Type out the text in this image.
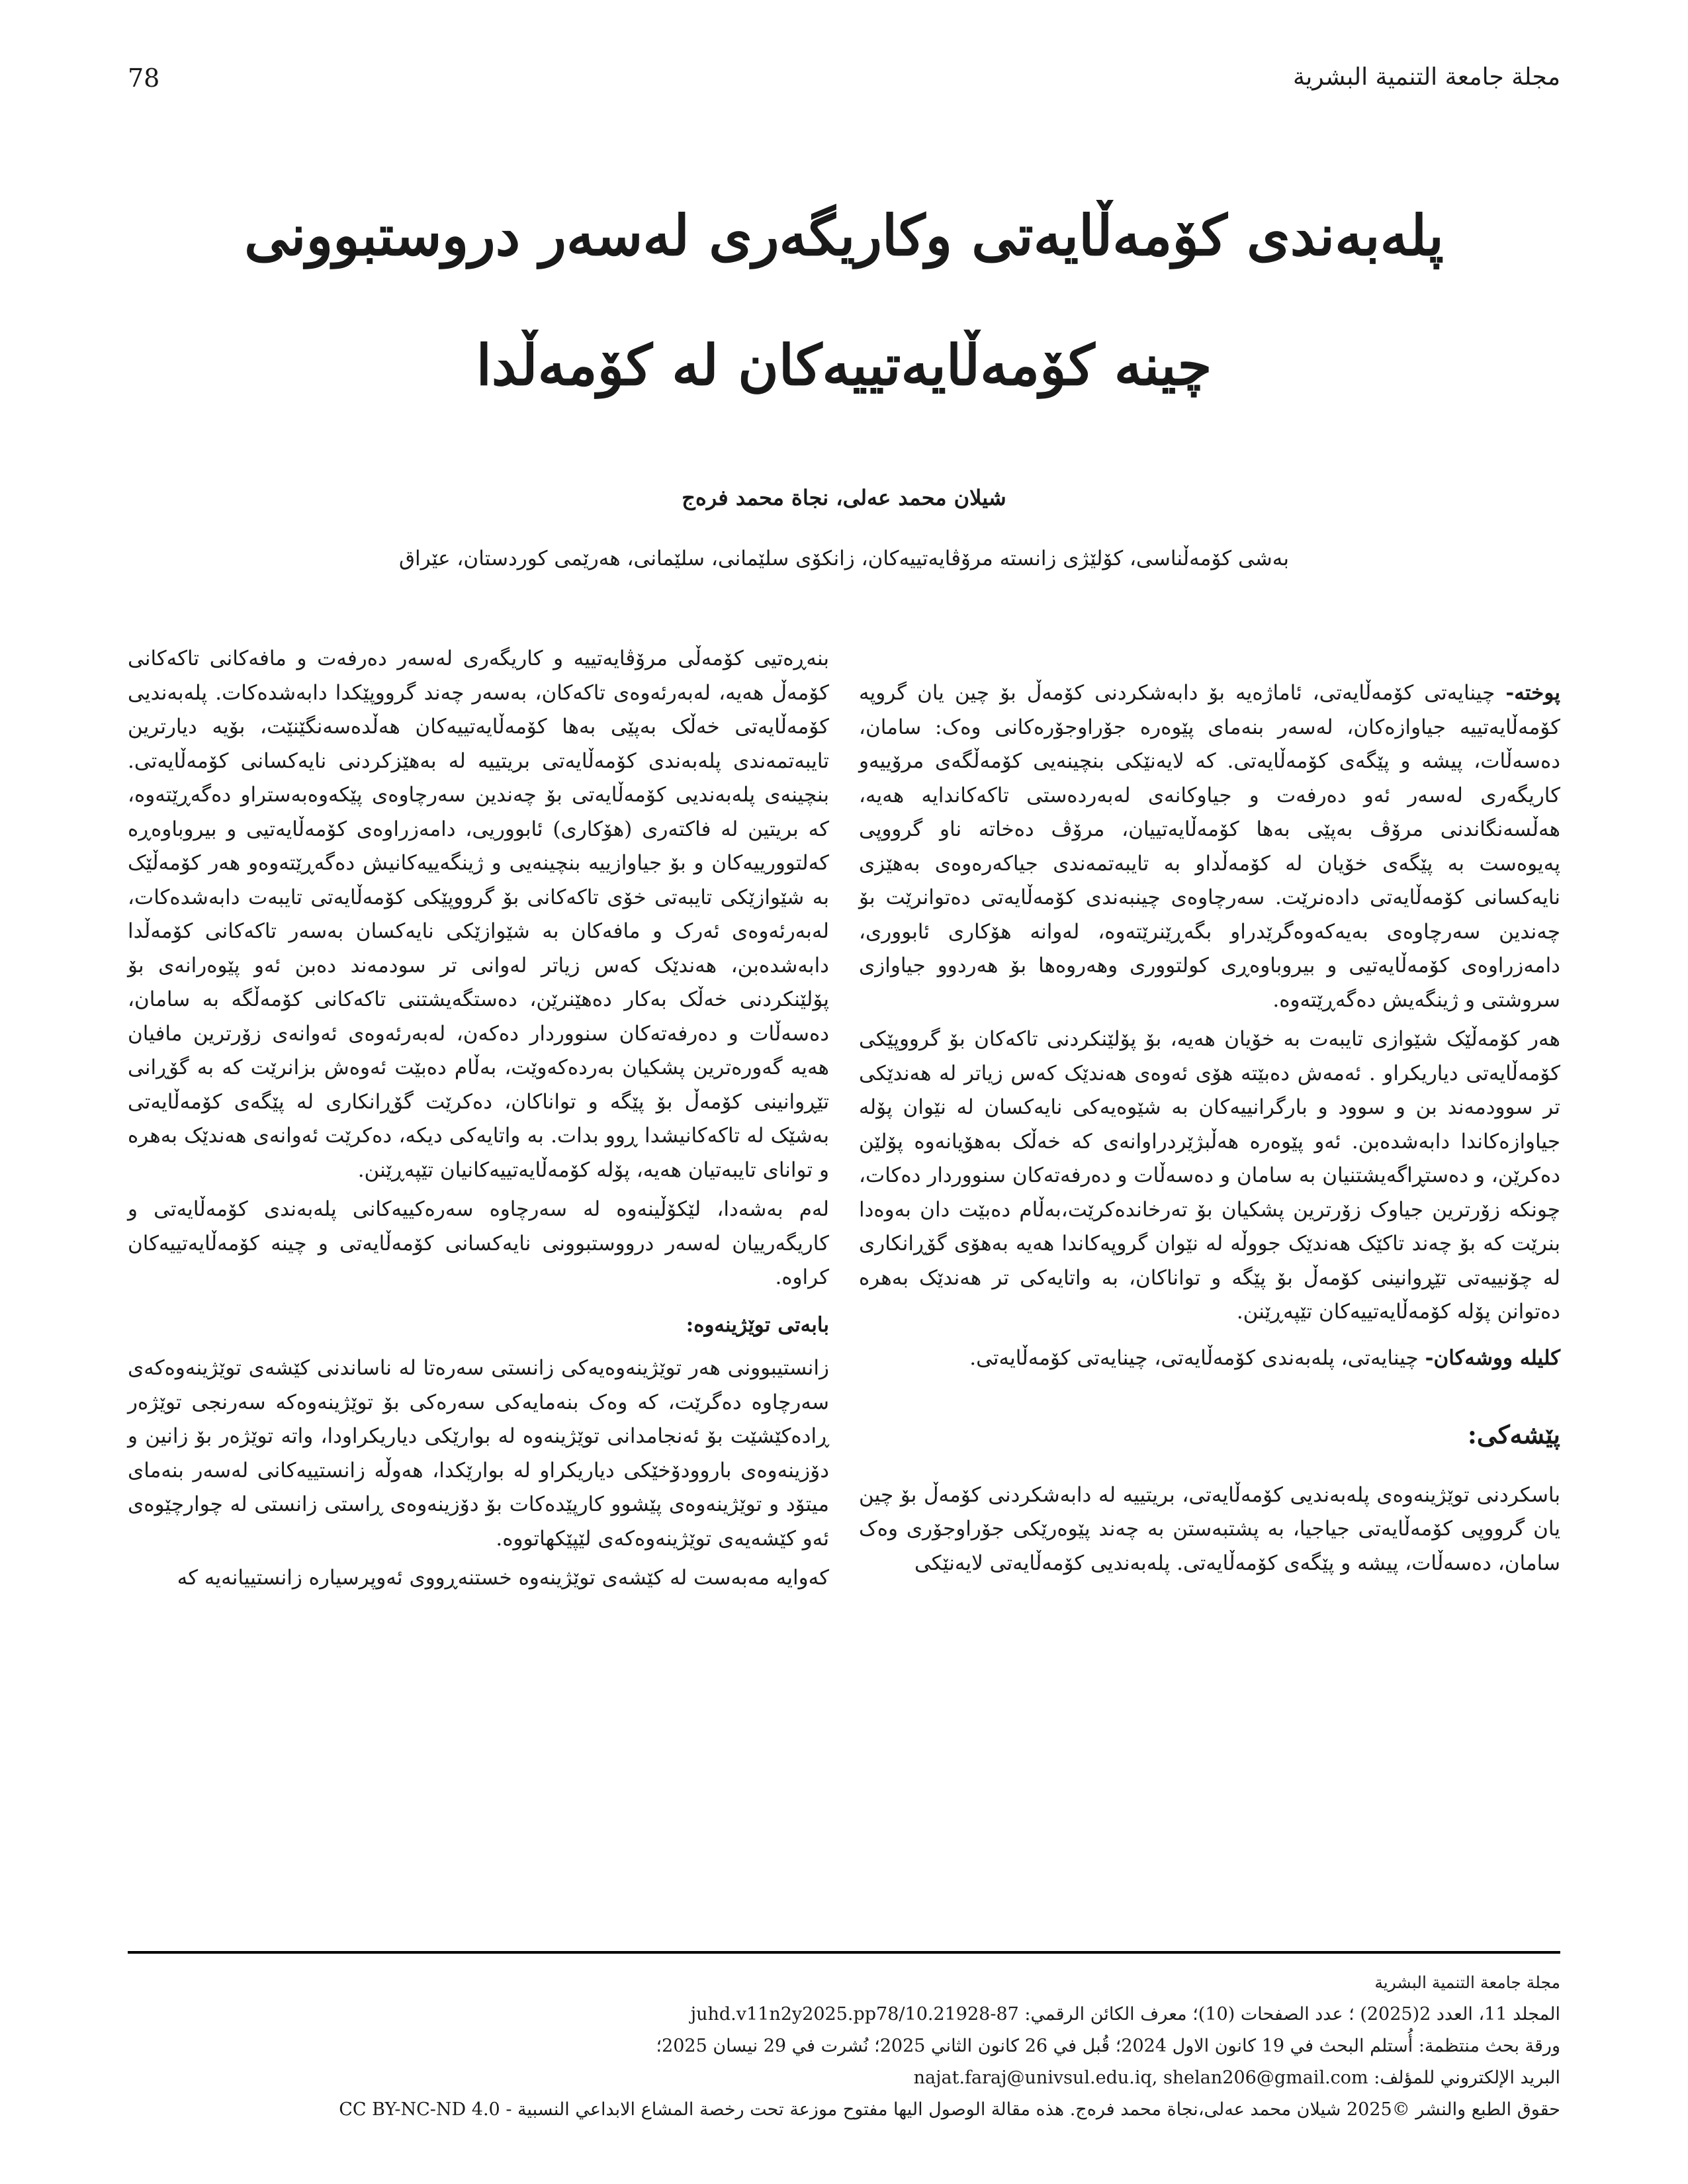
78	مجلة جامعة التنمية البشرية
پلەبەندی کۆمەڵایەتی وکاریگەری لەسەر دروستبوونی
چینە کۆمەڵایەتییەکان لە کۆمەڵدا
شیلان محمد عەلی، نجاة محمد فرەج
بەشی کۆمەڵناسی، کۆلێژی زانستە مرۆڤایەتییەکان، زانکۆی سلێمانی، سلێمانی، هەرێمی کوردستان، عێراق

پوختە- چینایەتی کۆمەڵایەتی، ئاماژەیە بۆ دابەشکردنی کۆمەڵ بۆ چین یان گروپە کۆمەڵایەتییە جیاوازەکان، لەسەر بنەمای پێوەرە جۆراوجۆرەکانی وەک: سامان، دەسەڵات، پیشە و پێگەی کۆمەڵایەتی. کە لایەنێکی بنچینەیی کۆمەڵگەی مرۆییەو کاریگەری لەسەر ئەو دەرفەت و جیاوکانەی لەبەردەستی تاکەکاندایە هەیە، هەڵسەنگاندنی مرۆڤ بەپێی بەها کۆمەڵایەتییان، مرۆڤ دەخاتە ناو گرووپی پەیوەست بە پێگەی خۆیان لە کۆمەڵداو بە تایبەتمەندی جیاکەرەوەی بەهێزی نایەکسانی کۆمەڵایەتی دادەنرێت. سەرچاوەی چینبەندی کۆمەڵایەتی دەتوانرێت بۆ چەندین سەرچاوەی بەیەکەوەگرێدراو بگەڕێنرێتەوە، لەوانە هۆکاری ئابووری، دامەزراوەی کۆمەڵایەتیی و بیروباوەڕی کولتووری وهەروەها بۆ هەردوو جیاوازی سروشتی و ژینگەیش دەگەڕێتەوە.

هەر کۆمەڵێک شێوازی تایبەت بە خۆیان هەیە، بۆ پۆلێنکردنی تاکەکان بۆ گرووپێکی کۆمەڵایەتی دیاریکراو . ئەمەش دەبێتە هۆی ئەوەی هەندێک کەس زیاتر لە هەندێکی تر سوودمەند بن و سوود و بارگرانییەکان بە شێوەیەکی نایەکسان لە نێوان پۆلە جیاوازەکاندا دابەشدەبن. ئەو پێوەرە هەڵبژێردراوانەی کە خەڵک بەهۆیانەوە پۆلێن دەکرێن، و دەستڕاگەیشتنیان بە سامان و دەسەڵات و دەرفەتەکان سنووردار دەکات، چونکە زۆرترین جیاوک زۆرترین پشکیان بۆ تەرخاندەکرێت،بەڵام دەبێت دان بەوەدا بنرێت کە بۆ چەند تاکێک هەندێک جووڵە لە نێوان گروپەکاندا هەیە بەهۆی گۆڕانکاری لە چۆنییەتی تێڕوانینی کۆمەڵ بۆ پێگە و تواناکان، بە واتایەکی تر هەندێک بەهرە دەتوانن پۆلە کۆمەڵایەتییەکان تێپەڕێنن.

کلیلە ووشەکان- چینایەتی، پلەبەندی کۆمەڵایەتی، چینایەتی کۆمەڵایەتی.

پێشەکی:

باسکردنی توێژینەوەی پلەبەندیی کۆمەڵایەتی، بریتییە لە دابەشکردنی کۆمەڵ بۆ چین یان گرووپی کۆمەڵایەتی جیاجیا، بە پشتبەستن بە چەند پێوەرێکی جۆراوجۆری وەک سامان، دەسەڵات، پیشە و پێگەی کۆمەڵایەتی. پلەبەندیی کۆمەڵایەتی لایەنێکی

بنەڕەتیی کۆمەڵی مرۆڤایەتییە و کاریگەری لەسەر دەرفەت و مافەکانی تاکەکانی کۆمەڵ هەیە، لەبەرئەوەی تاکەکان، بەسەر چەند گرووپێکدا دابەشدەکات. پلەبەندیی کۆمەڵایەتی خەڵک بەپێی بەها کۆمەڵایەتییەکان هەڵدەسەنگێنێت، بۆیە دیارترین تایبەتمەندی پلەبەندی کۆمەڵایەتی بریتییە لە بەهێزکردنی نایەکسانی کۆمەڵایەتی. بنچینەی پلەبەندیی کۆمەڵایەتی بۆ چەندین سەرچاوەی پێکەوەبەستراو دەگەڕێتەوە، کە بریتین لە فاکتەری (هۆکاری) ئابووریی، دامەزراوەی کۆمەڵایەتیی و بیروباوەڕە کەلتوورییەکان و بۆ جیاوازییە بنچینەیی و ژینگەییەکانیش دەگەڕێتەوەو هەر کۆمەڵێک بە شێوازێکی تایبەتی خۆی تاکەکانی بۆ گرووپێکی کۆمەڵایەتی تایبەت دابەشدەکات، لەبەرئەوەی ئەرک و مافەکان بە شێوازێکی نایەکسان بەسەر تاکەکانی کۆمەڵدا دابەشدەبن، هەندێک کەس زیاتر لەوانی تر سودمەند دەبن ئەو پێوەرانەی بۆ پۆلێنکردنی خەڵک بەکار دەهێنرێن، دەستگەیشتنی تاکەکانی کۆمەڵگە بە سامان، دەسەڵات و دەرفەتەکان سنووردار دەکەن، لەبەرئەوەی ئەوانەی زۆرترین مافیان هەیە گەورەترین پشکیان بەردەکەوێت، بەڵام دەبێت ئەوەش بزانرێت کە بە گۆڕانی تێڕوانینی کۆمەڵ بۆ پێگە و تواناکان، دەکرێت گۆڕانکاری لە پێگەی کۆمەڵایەتی بەشێک لە تاکەکانیشدا ڕوو بدات. بە واتایەکی دیکە، دەکرێت ئەوانەی هەندێک بەهرە و توانای تایبەتیان هەیە، پۆلە کۆمەڵایەتییەکانیان تێپەڕێنن.

لەم بەشەدا، لێکۆڵینەوە لە سەرچاوە سەرەکییەکانی پلەبەندی کۆمەڵایەتی و کاریگەرییان لەسەر درووستبوونی نایەکسانی کۆمەڵایەتی و چینە کۆمەڵایەتییەکان کراوە.

بابەتی توێژینەوە:

زانستیبوونی هەر توێژینەوەیەکی زانستی سەرەتا لە ناساندنی کێشەی توێژینەوەکەی سەرچاوە دەگرێت، کە وەک بنەمایەکی سەرەکی بۆ توێژینەوەکە سەرنجی توێژەر ڕادەکێشێت بۆ ئەنجامدانی توێژینەوە لە بوارێکی دیاریکراودا، واتە توێژەر بۆ زانین و دۆزینەوەی باروودۆخێکی دیاریکراو لە بوارێکدا، هەوڵە زانستییەکانی لەسەر بنەمای میتۆد و توێژینەوەی پێشوو کارپێدەکات بۆ دۆزینەوەی ڕاستی زانستی لە چوارچێوەی ئەو کێشەیەی توێژینەوەکەی لێپێکهاتووە.

کەوایە مەبەست لە کێشەی توێژینەوە خستنەڕووی ئەوپرسیارە زانستییانەیە کە

مجلة جامعة التنمية البشرية
المجلد 11، العدد 2(2025) ؛ عدد الصفحات (10)؛ معرف الكائن الرقمي: 87-10.21928/juhd.v11n2y2025.pp78
ورقة بحث منتظمة: أُستلم البحث في 19 كانون الاول 2024؛ قُبل في 26 كانون الثاني 2025؛ نُشرت في 29 نيسان 2025؛
البريد الإلكتروني للمؤلف: najat.faraj@univsul.edu.iq, shelan206@gmail.com
حقوق الطبع والنشر ©2025 شيلان محمد عەلى،نجاة محمد فرەج. هذه مقالة الوصول اليها مفتوح موزعة تحت رخصة المشاع الابداعي النسبية - CC BY-NC-ND 4.0
